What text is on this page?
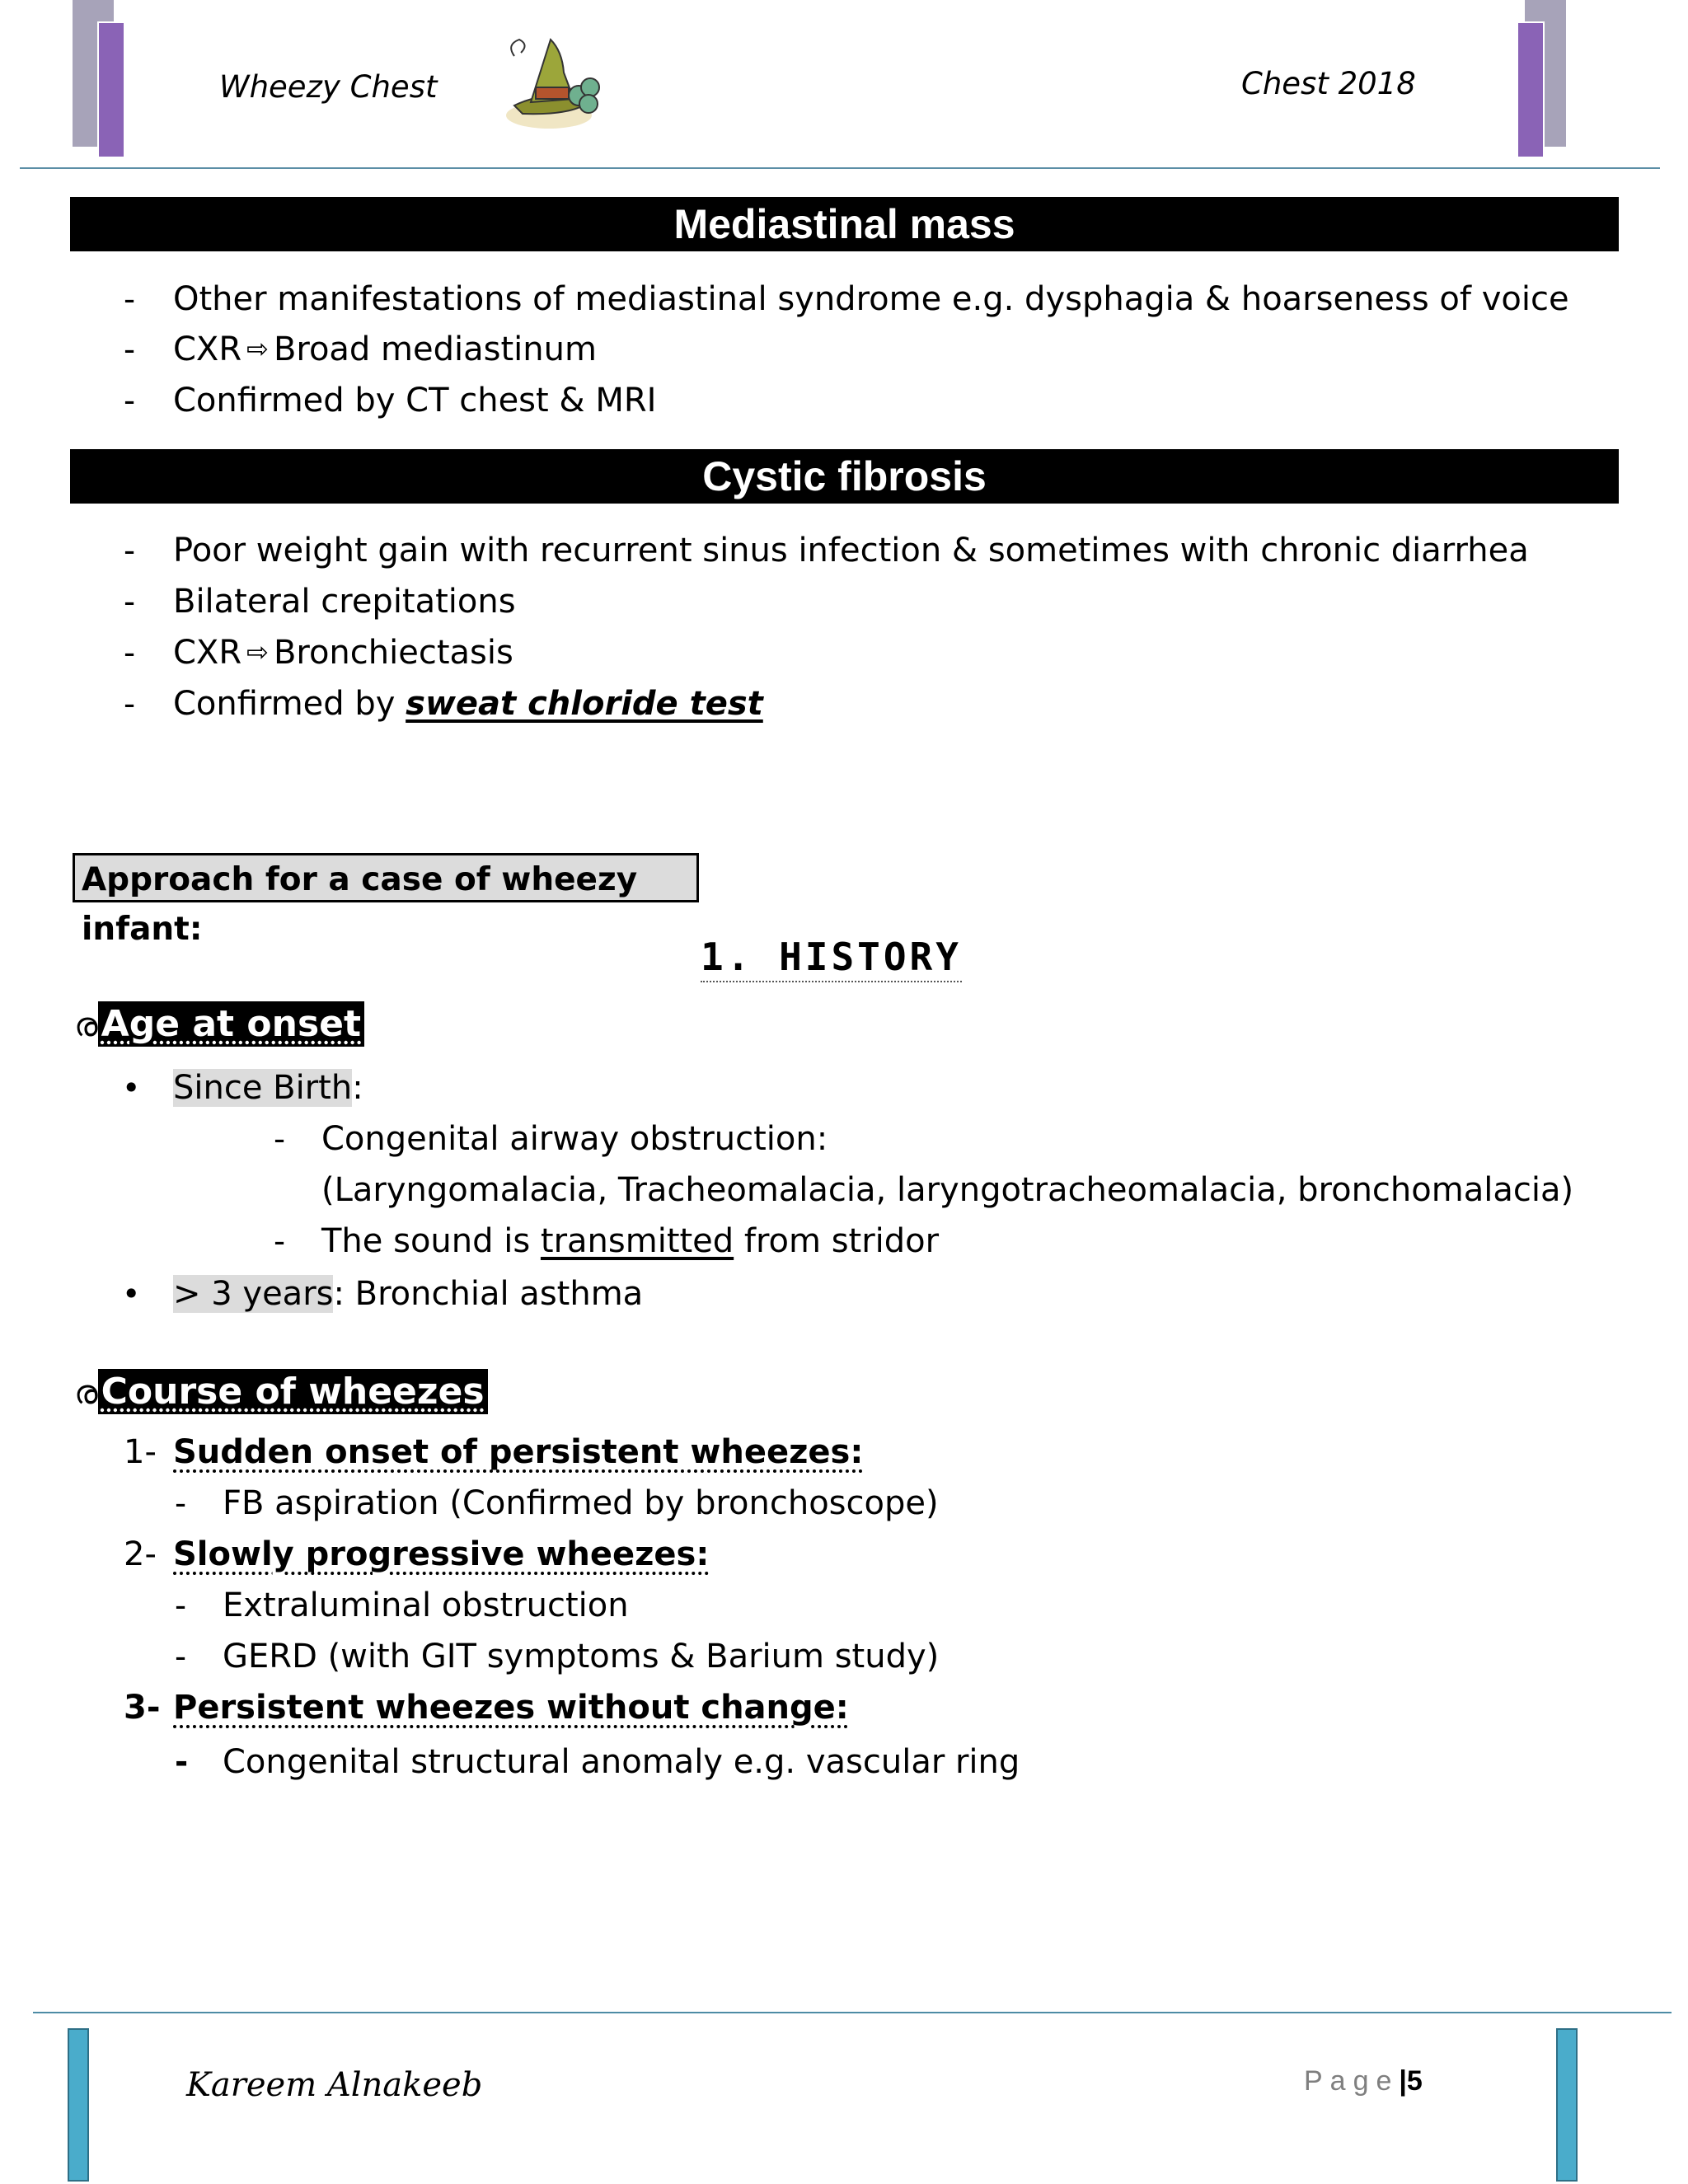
Wheezy Chest	Chest 2018
Mediastinal mass
- Other manifestations of mediastinal syndrome e.g. dysphagia & hoarseness of voice
- CXR ⇨ Broad mediastinum
- Confirmed by CT chest & MRI
Cystic fibrosis
- Poor weight gain with recurrent sinus infection & sometimes with chronic diarrhea
- Bilateral crepitations
- CXR ⇨ Bronchiectasis
- Confirmed by sweat chloride test
Approach for a case of wheezy infant:
1. HISTORY
രAge at onset
• Since Birth:
- Congenital airway obstruction:
(Laryngomalacia, Tracheomalacia, laryngotracheomalacia, bronchomalacia)
- The sound is transmitted from stridor
• > 3 years: Bronchial asthma
രCourse of wheezes
1- Sudden onset of persistent wheezes:
- FB aspiration (Confirmed by bronchoscope)
2- Slowly progressive wheezes:
- Extraluminal obstruction
- GERD (with GIT symptoms & Barium study)
3- Persistent wheezes without change:
- Congenital structural anomaly e.g. vascular ring
Kareem Alnakeeb	Page|5
